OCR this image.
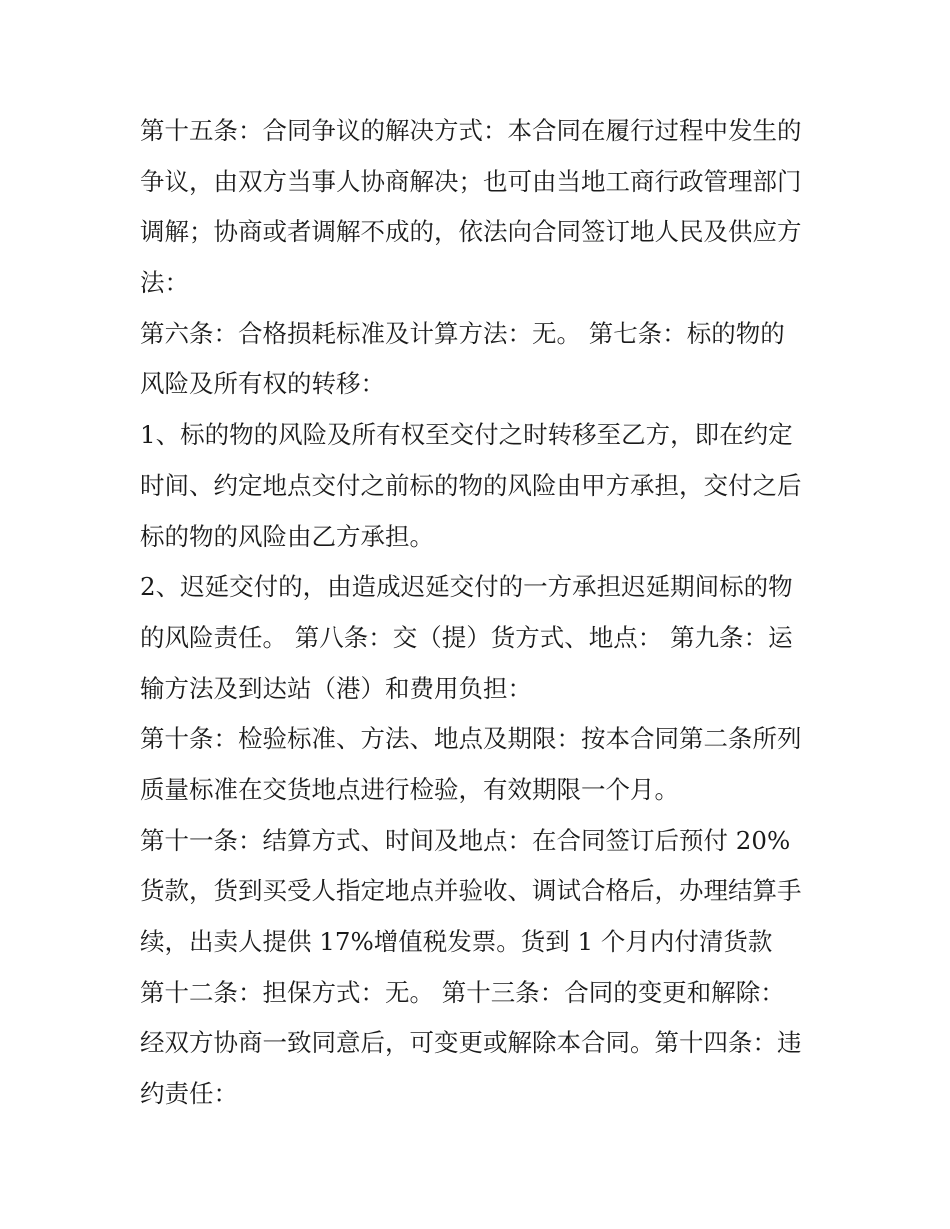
第十五条：合同争议的解决方式：本合同在履行过程中发生的
争议，由双方当事人协商解决；也可由当地工商行政管理部门
调解；协商或者调解不成的，依法向合同签订地人民及供应方
法：
第六条：合格损耗标准及计算方法：无。 第七条：标的物的
风险及所有权的转移：
1、标的物的风险及所有权至交付之时转移至乙方，即在约定
时间、约定地点交付之前标的物的风险由甲方承担，交付之后
标的物的风险由乙方承担。
2、迟延交付的，由造成迟延交付的一方承担迟延期间标的物
的风险责任。 第八条：交（提）货方式、地点： 第九条：运
输方法及到达站（港）和费用负担：
第十条：检验标准、方法、地点及期限：按本合同第二条所列
质量标准在交货地点进行检验，有效期限一个月。
第十一条：结算方式、时间及地点：在合同签订后预付 20%
货款，货到买受人指定地点并验收、调试合格后，办理结算手
续，出卖人提供 17%增值税发票。货到 1 个月内付清货款
第十二条：担保方式：无。 第十三条：合同的变更和解除：
经双方协商一致同意后，可变更或解除本合同。第十四条：违
约责任：
